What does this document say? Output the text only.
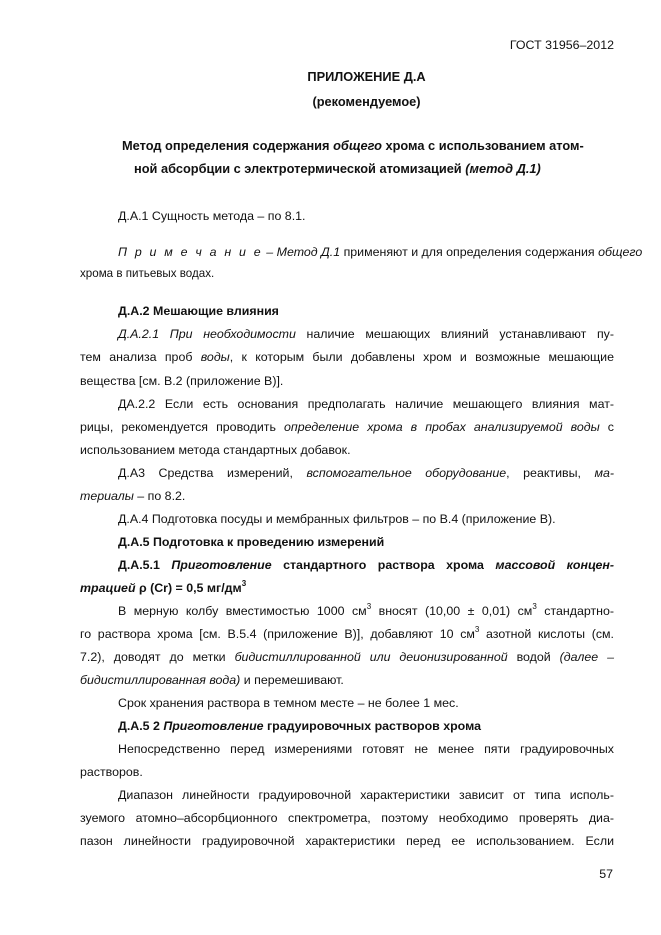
ГОСТ 31956–2012
ПРИЛОЖЕНИЕ Д.А
(рекомендуемое)
Метод определения содержания общего хрома с использованием атом-
ной абсорбции с электротермической атомизацией (метод Д.1)
Д.А.1 Сущность метода – по 8.1.
П р и м е ч а н и е – Метод Д.1 применяют и для определения содержания общего
хрома в питьевых водах.
Д.А.2 Мешающие влияния
Д.А.2.1 При необходимости наличие мешающих влияний устанавливают пу-
тем анализа проб воды, к которым были добавлены хром и возможные мешающие
вещества [см. В.2 (приложение В)].
ДА.2.2 Если есть основания предполагать наличие мешающего влияния мат-
рицы, рекомендуется проводить определение хрома в пробах анализируемой воды с
использованием метода стандартных добавок.
Д.А3 Средства измерений, вспомогательное оборудование, реактивы, ма-
териалы – по 8.2.
Д.А.4 Подготовка посуды и мембранных фильтров – по В.4 (приложение В).
Д.А.5 Подготовка к проведению измерений
Д.А.5.1 Приготовление стандартного раствора хрома массовой концен-
трацией ρ (Cr) = 0,5 $мг/дм^3$
В мерную колбу вместимостью 1000 $см^3$ вносят (10,00 ± 0,01) $см^3$ стандартно-
го раствора хрома [см. В.5.4 (приложение В)], добавляют 10 $см^3$ азотной кислоты (см.
7.2), доводят до метки бидистиллированной или деионизированной водой (далее –
бидистиллированная вода) и перемешивают.
Срок хранения раствора в темном месте – не более 1 мес.
Д.А.5 2 Приготовление градуировочных растворов хрома
Непосредственно перед измерениями готовят не менее пяти градуировочных
растворов.
Диапазон линейности градуировочной характеристики зависит от типа исполь-
зуемого атомно–абсорбционного спектрометра, поэтому необходимо проверять диа-
пазон линейности градуировочной характеристики перед ее использованием. Если
57
